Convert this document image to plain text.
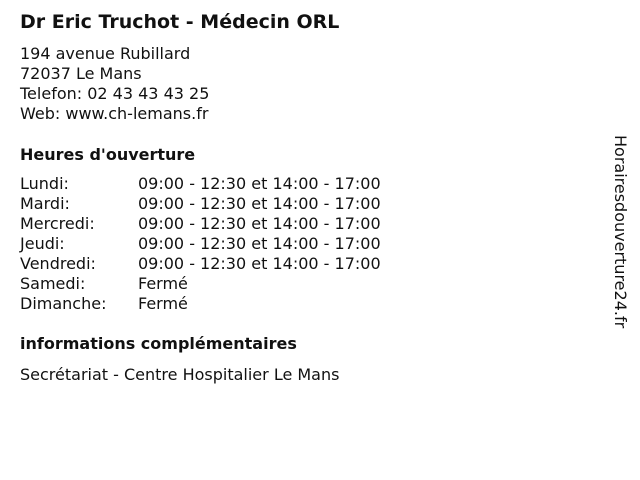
Dr Eric Truchot - Médecin ORL
194 avenue Rubillard
72037 Le Mans
Telefon: 02 43 43 43 25
Web: www.ch-lemans.fr
Heures d'ouverture
Lundi:	09:00 - 12:30 et 14:00 - 17:00
Mardi:	09:00 - 12:30 et 14:00 - 17:00
Mercredi:	09:00 - 12:30 et 14:00 - 17:00
Jeudi:	09:00 - 12:30 et 14:00 - 17:00
Vendredi:	09:00 - 12:30 et 14:00 - 17:00
Samedi:	Fermé
Dimanche:	Fermé
informations complémentaires
Secrétariat - Centre Hospitalier Le Mans
Horairesdouverture24.fr
